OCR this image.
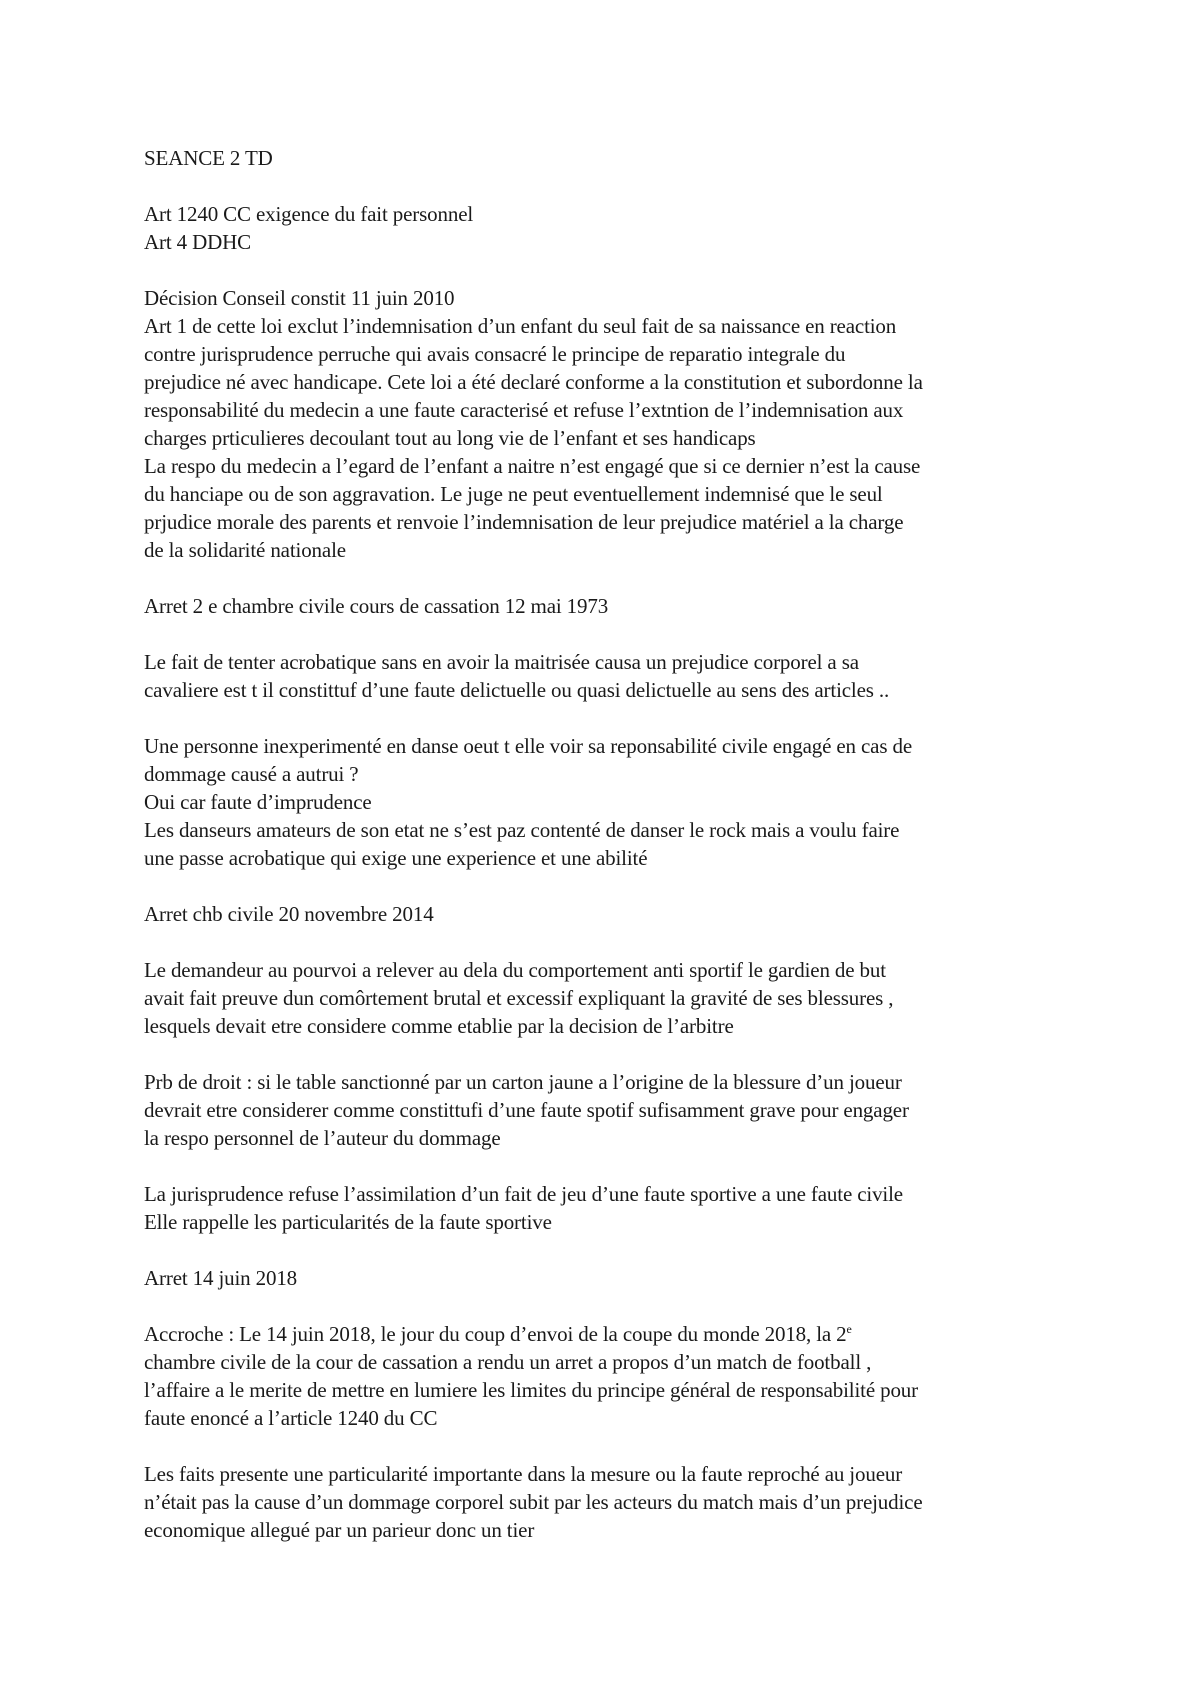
SEANCE 2 TD
Art 1240 CC exigence du fait personnel
Art 4 DDHC
Décision Conseil constit 11 juin 2010
Art 1 de cette loi exclut l’indemnisation d’un enfant du seul fait de sa naissance en reaction
contre jurisprudence perruche qui avais consacré le principe de reparatio integrale du
prejudice né avec handicape. Cete loi a été declaré conforme a la constitution et subordonne la
responsabilité du medecin a une faute caracterisé et refuse l’extntion de l’indemnisation aux
charges prticulieres decoulant tout au long vie de l’enfant et ses handicaps
La respo du medecin a l’egard de l’enfant a naitre n’est engagé que si ce dernier n’est la cause
du hanciape ou de son aggravation. Le juge ne peut eventuellement indemnisé que le seul
prjudice morale des parents et renvoie l’indemnisation de leur prejudice matériel a la charge
de la solidarité nationale
Arret 2 e chambre civile cours de cassation 12 mai 1973
Le fait de tenter acrobatique sans en avoir la maitrisée causa un prejudice corporel a sa
cavaliere est t il constittuf d’une faute delictuelle ou quasi delictuelle au sens des articles ..
Une personne inexperimenté en danse oeut t elle voir sa reponsabilité civile engagé en cas de
dommage causé a autrui ?
Oui car faute d’imprudence
Les danseurs amateurs de son etat ne s’est paz contenté de danser le rock mais a voulu faire
une passe acrobatique qui exige une experience et une abilité
Arret chb civile 20 novembre 2014
Le demandeur au pourvoi a relever au dela du comportement anti sportif le gardien de but
avait fait preuve dun comôrtement brutal et excessif expliquant la gravité de ses blessures ,
lesquels devait etre considere comme etablie par la decision de l’arbitre
Prb de droit : si le table sanctionné par un carton jaune a l’origine de la blessure d’un joueur
devrait etre considerer comme constittufi d’une faute spotif sufisamment grave pour engager
la respo personnel de l’auteur du dommage
La jurisprudence refuse l’assimilation d’un fait de jeu d’une faute sportive a une faute civile
Elle rappelle les particularités de la faute sportive
Arret 14 juin 2018
Accroche : Le 14 juin 2018, le jour du coup d’envoi de la coupe du monde 2018, la 2e
chambre civile de la cour de cassation a rendu un arret a propos d’un match de football ,
l’affaire a le merite de mettre en lumiere les limites du principe général de responsabilité pour
faute enoncé a l’article 1240 du CC
Les faits presente une particularité importante dans la mesure ou la faute reproché au joueur
n’était pas la cause d’un dommage corporel subit par les acteurs du match mais d’un prejudice
economique allegué par un parieur donc un tier
